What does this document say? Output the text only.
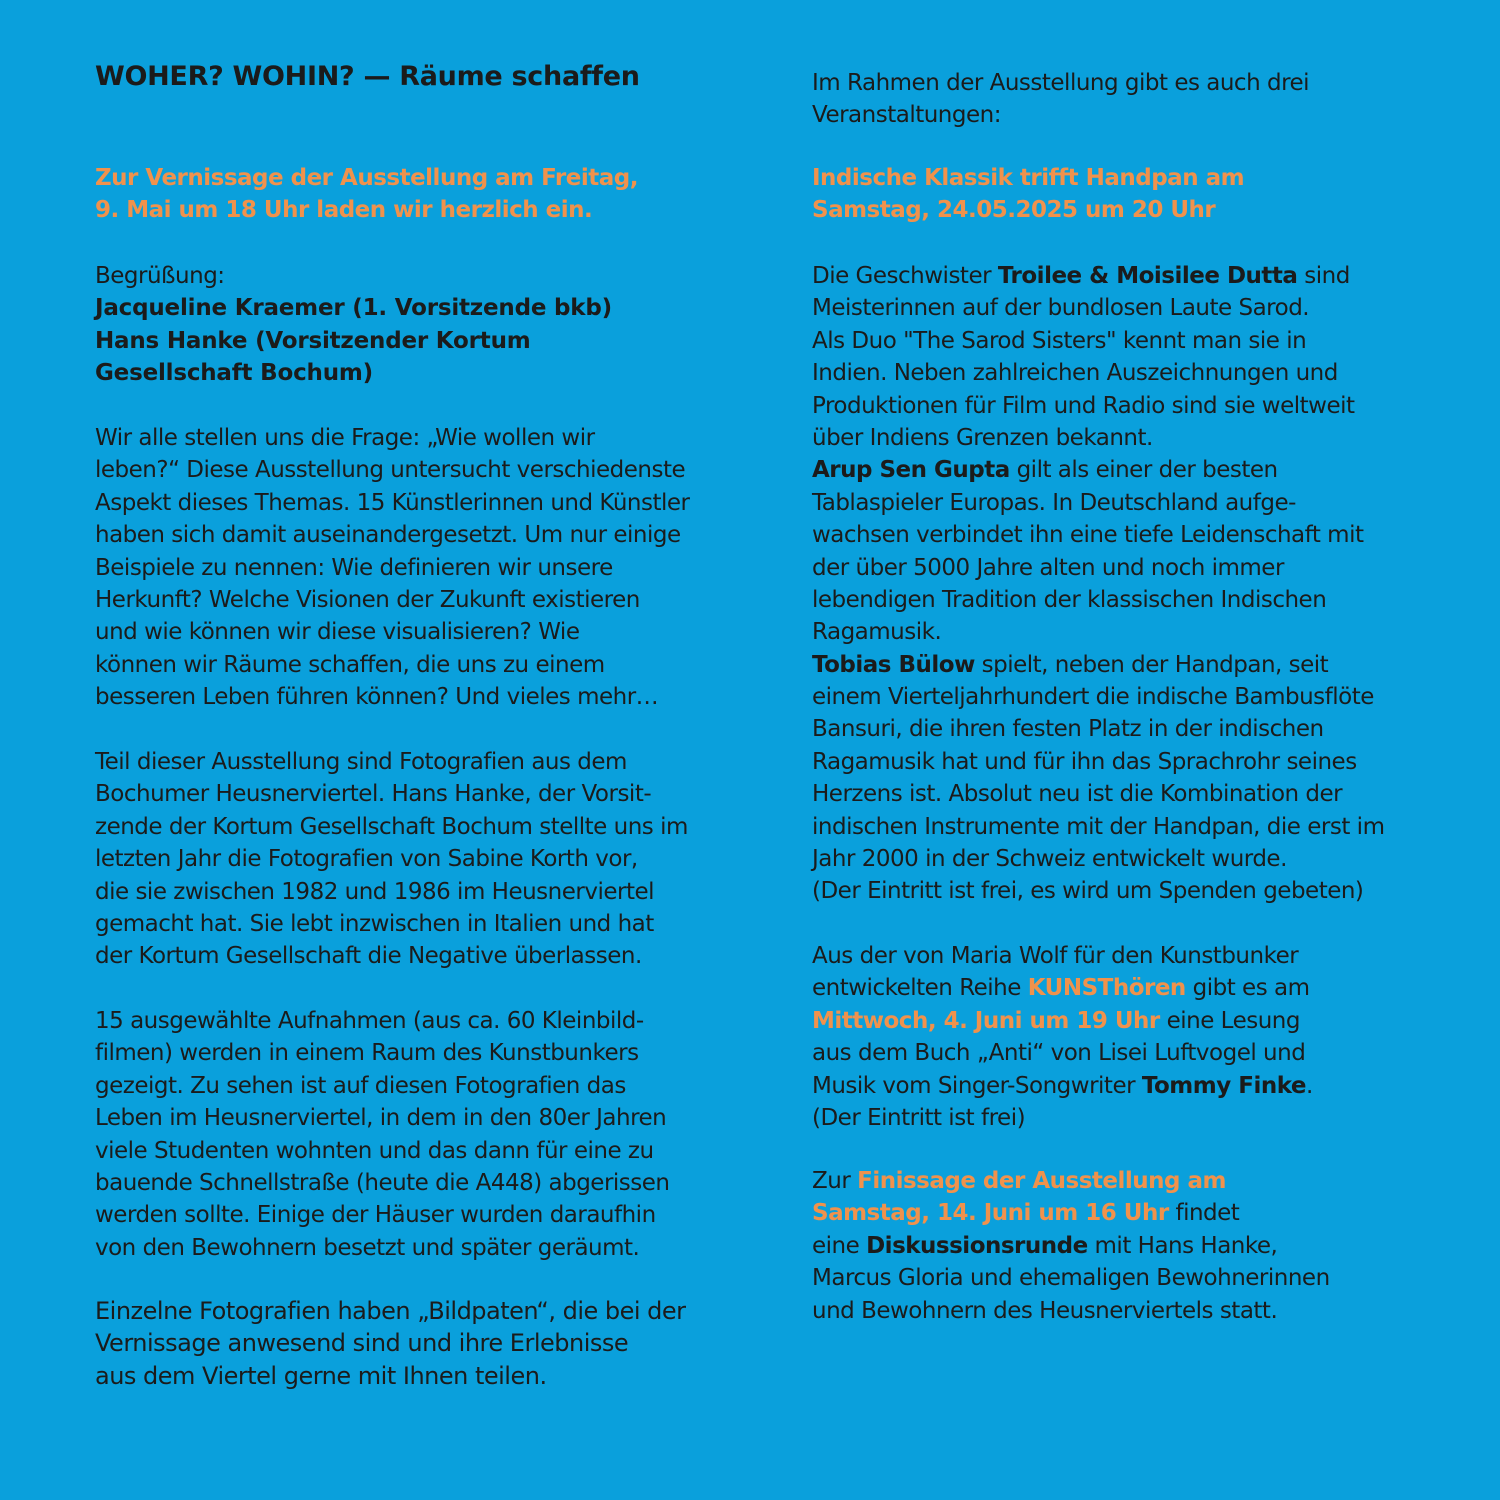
WOHER? WOHIN? — Räume schaffen
Zur Vernissage der Ausstellung am Freitag,
9. Mai um 18 Uhr laden wir herzlich ein.
Begrüßung:
Jacqueline Kraemer (1. Vorsitzende bkb)
Hans Hanke (Vorsitzender Kortum
Gesellschaft Bochum)
Wir alle stellen uns die Frage: „Wie wollen wir
leben?“ Diese Ausstellung untersucht verschiedenste
Aspekt dieses Themas. 15 Künstlerinnen und Künstler
haben sich damit auseinandergesetzt. Um nur einige
Beispiele zu nennen: Wie definieren wir unsere
Herkunft? Welche Visionen der Zukunft existieren
und wie können wir diese visualisieren? Wie
können wir Räume schaffen, die uns zu einem
besseren Leben führen können? Und vieles mehr…
Teil dieser Ausstellung sind Fotografien aus dem
Bochumer Heusnerviertel. Hans Hanke, der Vorsit-
zende der Kortum Gesellschaft Bochum stellte uns im
letzten Jahr die Fotografien von Sabine Korth vor,
die sie zwischen 1982 und 1986 im Heusnerviertel
gemacht hat. Sie lebt inzwischen in Italien und hat
der Kortum Gesellschaft die Negative überlassen.
15 ausgewählte Aufnahmen (aus ca. 60 Kleinbild-
filmen) werden in einem Raum des Kunstbunkers
gezeigt. Zu sehen ist auf diesen Fotografien das
Leben im Heusnerviertel, in dem in den 80er Jahren
viele Studenten wohnten und das dann für eine zu
bauende Schnellstraße (heute die A448) abgerissen
werden sollte. Einige der Häuser wurden daraufhin
von den Bewohnern besetzt und später geräumt.
Einzelne Fotografien haben „Bildpaten“, die bei der
Vernissage anwesend sind und ihre Erlebnisse
aus dem Viertel gerne mit Ihnen teilen.
Im Rahmen der Ausstellung gibt es auch drei
Veranstaltungen:
Indische Klassik trifft Handpan am
Samstag, 24.05.2025 um 20 Uhr
Die Geschwister Troilee & Moisilee Dutta sind
Meisterinnen auf der bundlosen Laute Sarod.
Als Duo "The Sarod Sisters" kennt man sie in
Indien. Neben zahlreichen Auszeichnungen und
Produktionen für Film und Radio sind sie weltweit
über Indiens Grenzen bekannt.
Arup Sen Gupta gilt als einer der besten
Tablaspieler Europas. In Deutschland aufge-
wachsen verbindet ihn eine tiefe Leidenschaft mit
der über 5000 Jahre alten und noch immer
lebendigen Tradition der klassischen Indischen
Ragamusik.
Tobias Bülow spielt, neben der Handpan, seit
einem Vierteljahrhundert die indische Bambusflöte
Bansuri, die ihren festen Platz in der indischen
Ragamusik hat und für ihn das Sprachrohr seines
Herzens ist. Absolut neu ist die Kombination der
indischen Instrumente mit der Handpan, die erst im
Jahr 2000 in der Schweiz entwickelt wurde.
(Der Eintritt ist frei, es wird um Spenden gebeten)
Aus der von Maria Wolf für den Kunstbunker
entwickelten Reihe KUNSThören gibt es am
Mittwoch, 4. Juni um 19 Uhr eine Lesung
aus dem Buch „Anti“ von Lisei Luftvogel und
Musik vom Singer-Songwriter Tommy Finke.
(Der Eintritt ist frei)
Zur Finissage der Ausstellung am
Samstag, 14. Juni um 16 Uhr findet
eine Diskussionsrunde mit Hans Hanke,
Marcus Gloria und ehemaligen Bewohnerinnen
und Bewohnern des Heusnerviertels statt.
